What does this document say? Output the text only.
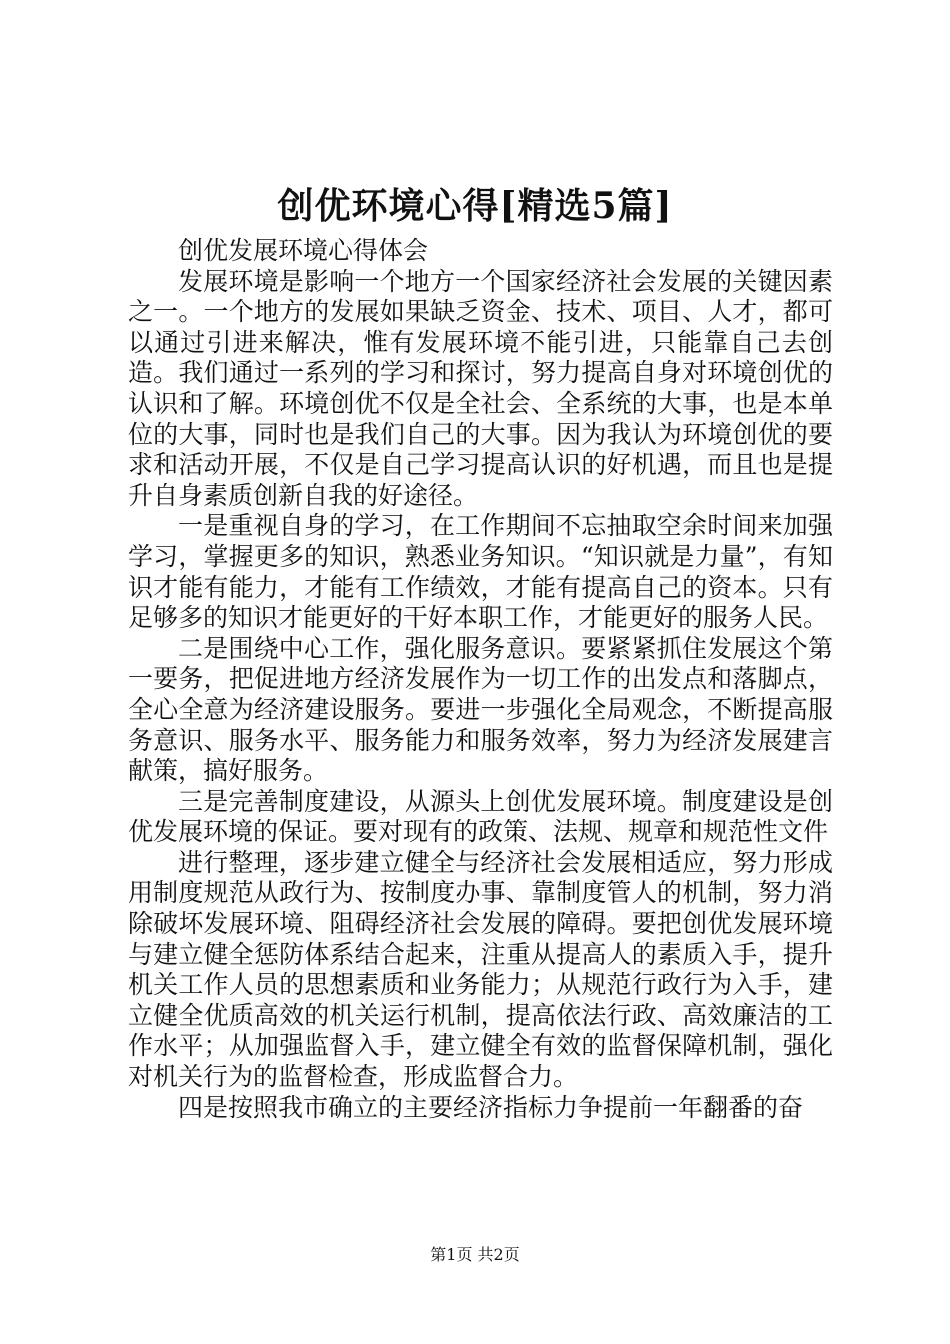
创优环境心得[精选5篇]

创优发展环境心得体会

发展环境是影响一个地方一个国家经济社会发展的关键因素之一。一个地方的发展如果缺乏资金、技术、项目、人才，都可以通过引进来解决，惟有发展环境不能引进，只能靠自己去创造。我们通过一系列的学习和探讨，努力提高自身对环境创优的认识和了解。环境创优不仅是全社会、全系统的大事，也是本单位的大事，同时也是我们自己的大事。因为我认为环境创优的要求和活动开展，不仅是自己学习提高认识的好机遇，而且也是提升自身素质创新自我的好途径。

一是重视自身的学习，在工作期间不忘抽取空余时间来加强学习，掌握更多的知识，熟悉业务知识。“知识就是力量”，有知识才能有能力，才能有工作绩效，才能有提高自己的资本。只有足够多的知识才能更好的干好本职工作，才能更好的服务人民。

二是围绕中心工作，强化服务意识。要紧紧抓住发展这个第一要务，把促进地方经济发展作为一切工作的出发点和落脚点，全心全意为经济建设服务。要进一步强化全局观念，不断提高服务意识、服务水平、服务能力和服务效率，努力为经济发展建言献策，搞好服务。

三是完善制度建设，从源头上创优发展环境。制度建设是创优发展环境的保证。要对现有的政策、法规、规章和规范性文件

进行整理，逐步建立健全与经济社会发展相适应，努力形成用制度规范从政行为、按制度办事、靠制度管人的机制，努力消除破坏发展环境、阻碍经济社会发展的障碍。要把创优发展环境与建立健全惩防体系结合起来，注重从提高人的素质入手，提升机关工作人员的思想素质和业务能力；从规范行政行为入手，建立健全优质高效的机关运行机制，提高依法行政、高效廉洁的工作水平；从加强监督入手，建立健全有效的监督保障机制，强化对机关行为的监督检查，形成监督合力。

四是按照我市确立的主要经济指标力争提前一年翻番的奋

第1页 共2页
